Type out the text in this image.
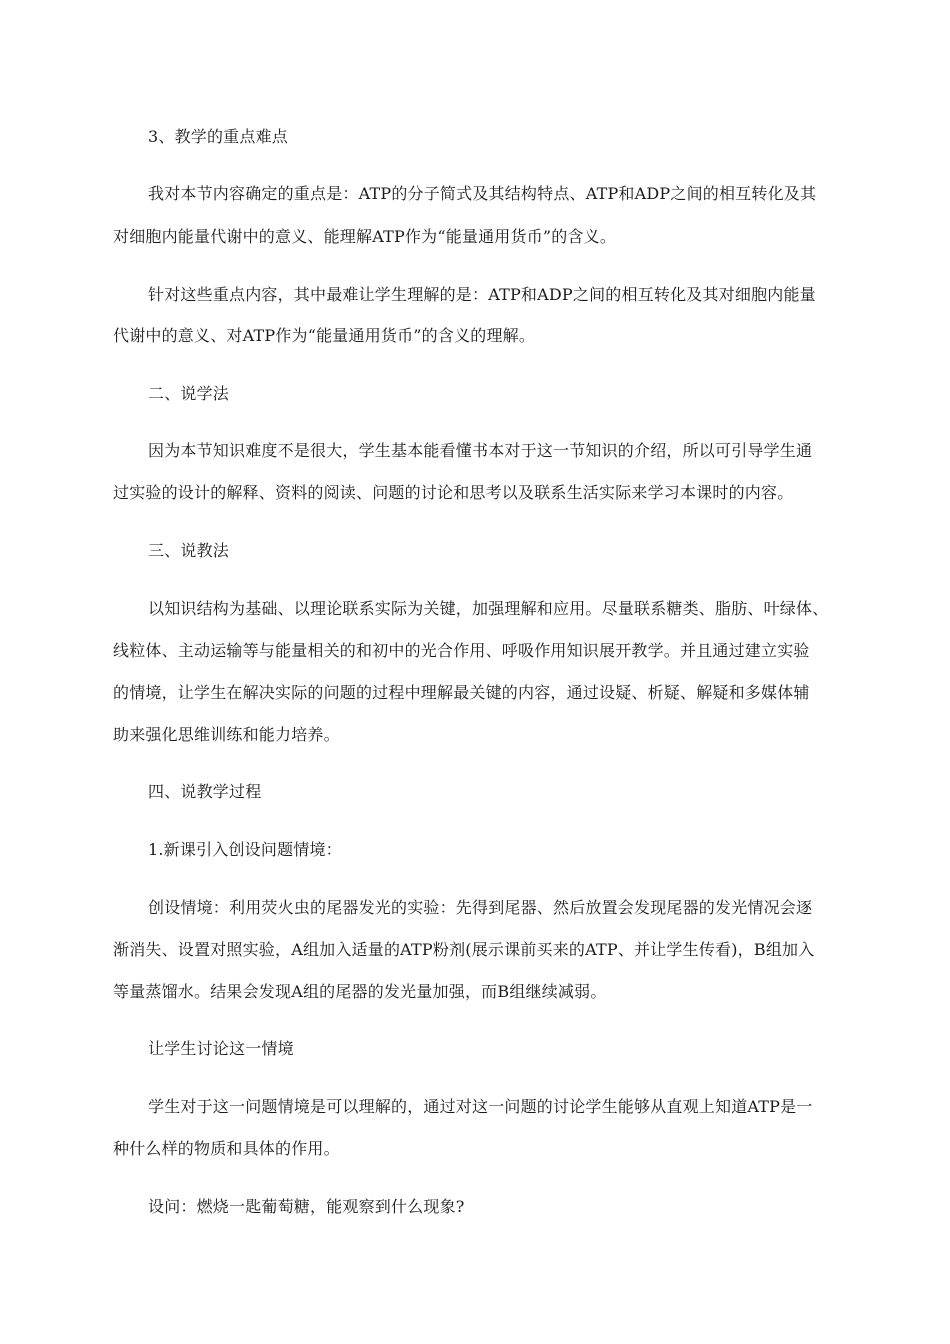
3、教学的重点难点

我对本节内容确定的重点是：ATP的分子简式及其结构特点、ATP和ADP之间的相互转化及其

对细胞内能量代谢中的意义、能理解ATP作为“能量通用货币”的含义。

针对这些重点内容，其中最难让学生理解的是：ATP和ADP之间的相互转化及其对细胞内能量

代谢中的意义、对ATP作为“能量通用货币”的含义的理解。

二、说学法

因为本节知识难度不是很大，学生基本能看懂书本对于这一节知识的介绍，所以可引导学生通

过实验的设计的解释、资料的阅读、问题的讨论和思考以及联系生活实际来学习本课时的内容。

三、说教法

以知识结构为基础、以理论联系实际为关键，加强理解和应用。尽量联系糖类、脂肪、叶绿体、

线粒体、主动运输等与能量相关的和初中的光合作用、呼吸作用知识展开教学。并且通过建立实验

的情境，让学生在解决实际的问题的过程中理解最关键的内容，通过设疑、析疑、解疑和多媒体辅

助来强化思维训练和能力培养。

四、说教学过程

1.新课引入创设问题情境：

创设情境：利用荧火虫的尾器发光的实验：先得到尾器、然后放置会发现尾器的发光情况会逐

渐消失、设置对照实验，A组加入适量的ATP粉剂(展示课前买来的ATP、并让学生传看)，B组加入

等量蒸馏水。结果会发现A组的尾器的发光量加强，而B组继续减弱。

让学生讨论这一情境

学生对于这一问题情境是可以理解的，通过对这一问题的讨论学生能够从直观上知道ATP是一

种什么样的物质和具体的作用。

设问：燃烧一匙葡萄糖，能观察到什么现象?
